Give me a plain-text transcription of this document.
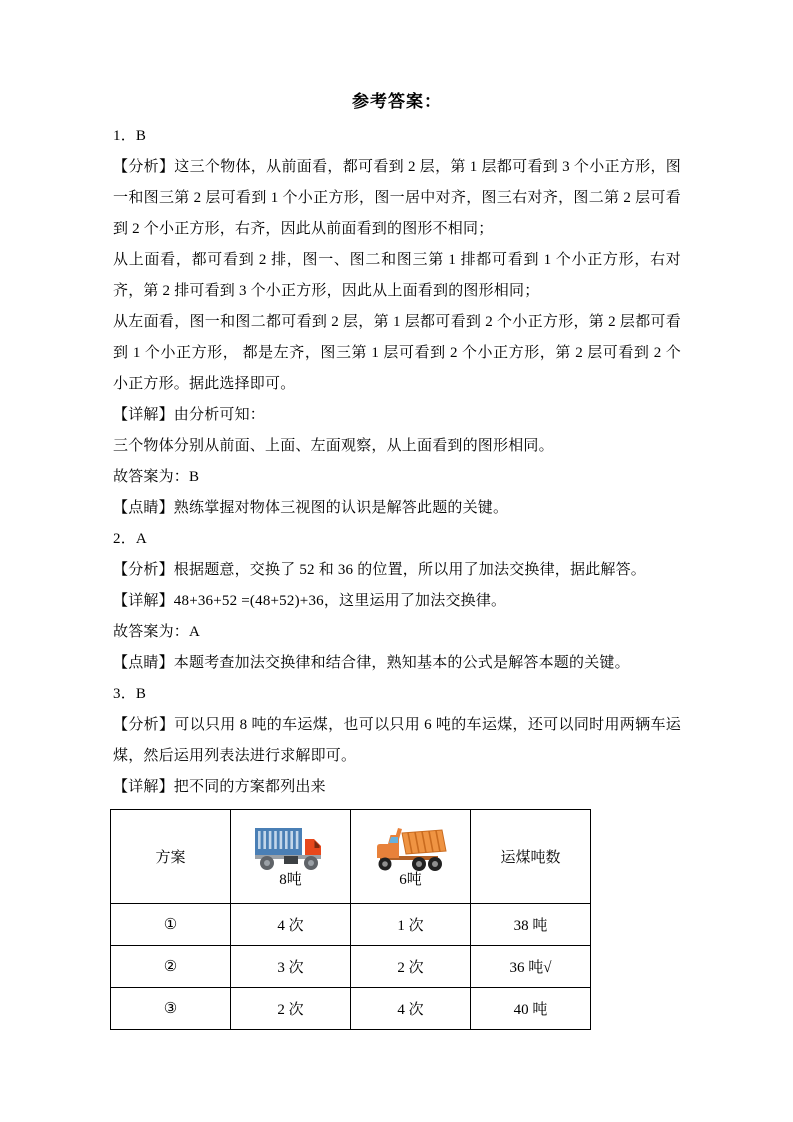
参考答案：

1．B

【分析】这三个物体，从前面看，都可看到 2 层，第 1 层都可看到 3 个小正方形，图一和图三第 2 层可看到 1 个小正方形，图一居中对齐，图三右对齐，图二第 2 层可看到 2 个小正方形，右齐，因此从前面看到的图形不相同；

从上面看，都可看到 2 排，图一、图二和图三第 1 排都可看到 1 个小正方形，右对齐，第 2 排可看到 3 个小正方形，因此从上面看到的图形相同；

从左面看，图一和图二都可看到 2 层，第 1 层都可看到 2 个小正方形，第 2 层都可看到 1 个小正方形， 都是左齐，图三第 1 层可看到 2 个小正方形，第 2 层可看到 2 个小正方形。据此选择即可。

【详解】由分析可知：

三个物体分别从前面、上面、左面观察，从上面看到的图形相同。

故答案为：B

【点睛】熟练掌握对物体三视图的认识是解答此题的关键。

2．A

【分析】根据题意，交换了 52 和 36 的位置，所以用了加法交换律，据此解答。

【详解】48+36+52 =(48+52)+36，这里运用了加法交换律。

故答案为：A

【点睛】本题考查加法交换律和结合律，熟知基本的公式是解答本题的关键。

3．B

【分析】可以只用 8 吨的车运煤，也可以只用 6 吨的车运煤，还可以同时用两辆车运煤，然后运用列表法进行求解即可。

【详解】把不同的方案都列出来

方案	8吨	6吨	运煤吨数
①	4 次	1 次	38 吨
②	3 次	2 次	36 吨√
③	2 次	4 次	40 吨
